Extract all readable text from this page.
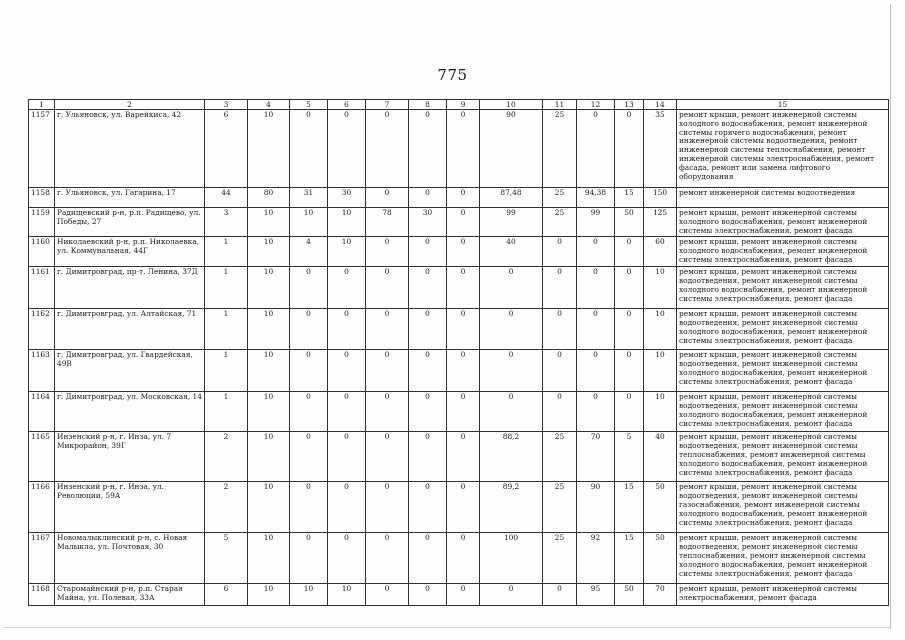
775
1	2	3	4	5	6	7	8	9	10	11	12	13	14	15
1157	г. Ульяновск, ул. Варейкиса, 42	6	10	0	0	0	0	0	90	25	0	0	35	ремонт крыши, ремонт инженерной системы холодного водоснабжения, ремонт инженерной системы горячего водоснабжения, ремонт инженерной системы водоотведения, ремонт инженерной системы теплоснабжения, ремонт инженерной системы электроснабжения, ремонт фасада, ремонт или замена лифтового оборудования
1158	г. Ульяновск, ул. Гагарина, 17	44	80	31	30	0	0	0	87,48	25	94,38	15	150	ремонт инженерной системы водоотведения
1159	Радищевский р-н, р.п. Радищево, ул. Победы, 27	3	10	10	10	78	30	0	99	25	99	50	125	ремонт крыши, ремонт инженерной системы холодного водоснабжения, ремонт инженерной системы электроснабжения, ремонт фасада
1160	Николаевский р-н, р.п. Николаевка, ул. Коммунальная, 44Г	1	10	4	10	0	0	0	40	0	0	0	60	ремонт крыши, ремонт инженерной системы холодного водоснабжения, ремонт инженерной системы электроснабжения, ремонт фасада
1161	г. Димитровград, пр-т. Ленина, 37Д	1	10	0	0	0	0	0	0	0	0	0	10	ремонт крыши, ремонт инженерной системы водоотведения, ремонт инженерной системы холодного водоснабжения, ремонт инженерной системы электроснабжения, ремонт фасада
1162	г. Димитровград, ул. Алтайская, 71	1	10	0	0	0	0	0	0	0	0	0	10	ремонт крыши, ремонт инженерной системы водоотведения, ремонт инженерной системы холодного водоснабжения, ремонт инженерной системы электроснабжения, ремонт фасада
1163	г. Димитровград, ул. Гвардейская, 49В	1	10	0	0	0	0	0	0	0	0	0	10	ремонт крыши, ремонт инженерной системы водоотведения, ремонт инженерной системы холодного водоснабжения, ремонт инженерной системы электроснабжения, ремонт фасада
1164	г. Димитровград, ул. Московская, 14	1	10	0	0	0	0	0	0	0	0	0	10	ремонт крыши, ремонт инженерной системы водоотведения, ремонт инженерной системы холодного водоснабжения, ремонт инженерной системы электроснабжения, ремонт фасада
1165	Инзенский р-н, г. Инза, ул. 7 Микрорайон, 39Г	2	10	0	0	0	0	0	88,2	25	70	5	40	ремонт крыши, ремонт инженерной системы водоотведения, ремонт инженерной системы теплоснабжения, ремонт инженерной системы холодного водоснабжения, ремонт инженерной системы электроснабжения, ремонт фасада
1166	Инзенский р-н, г. Инза, ул. Революции, 59А	2	10	0	0	0	0	0	89,2	25	90	15	50	ремонт крыши, ремонт инженерной системы водоотведения, ремонт инженерной системы газоснабжения, ремонт инженерной системы холодного водоснабжения, ремонт инженерной системы электроснабжения, ремонт фасада
1167	Новомалыклинский р-н, с. Новая Малыкла, ул. Почтовая, 30	5	10	0	0	0	0	0	100	25	92	15	50	ремонт крыши, ремонт инженерной системы водоотведения, ремонт инженерной системы теплоснабжения, ремонт инженерной системы холодного водоснабжения, ремонт инженерной системы электроснабжения, ремонт фасада
1168	Старомайнский р-н, р.п. Старая Майна, ул. Полевая, 33А	6	10	10	10	0	0	0	0	0	95	50	70	ремонт крыши, ремонт инженерной системы электроснабжения, ремонт фасада
